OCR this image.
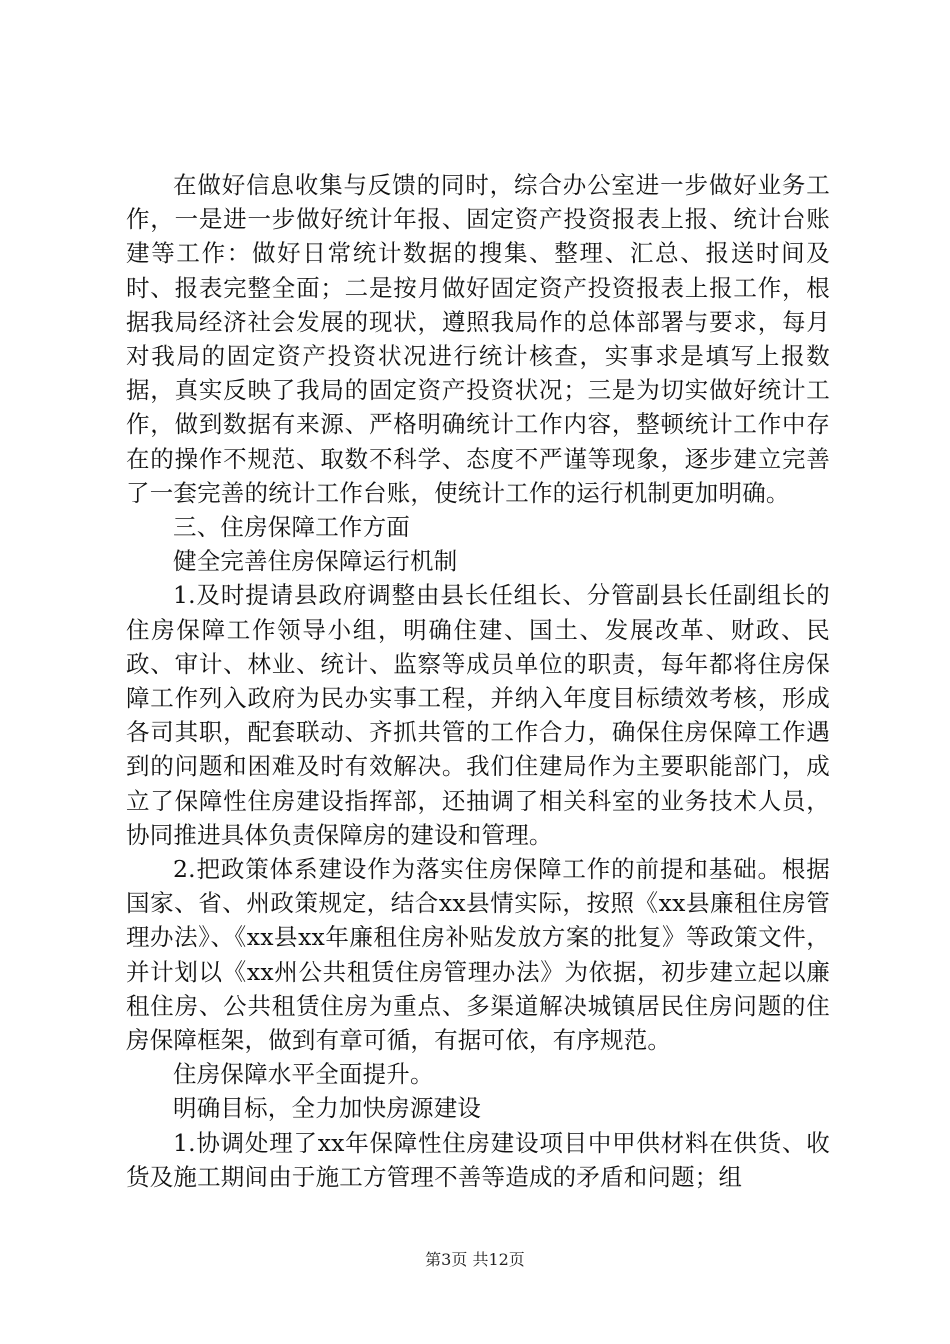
在做好信息收集与反馈的同时，综合办公室进一步做好业务工作，一是进一步做好统计年报、固定资产投资报表上报、统计台账建等工作：做好日常统计数据的搜集、整理、汇总、报送时间及时、报表完整全面；二是按月做好固定资产投资报表上报工作，根据我局经济社会发展的现状，遵照我局作的总体部署与要求，每月对我局的固定资产投资状况进行统计核查，实事求是填写上报数据，真实反映了我局的固定资产投资状况；三是为切实做好统计工作，做到数据有来源、严格明确统计工作内容，整顿统计工作中存在的操作不规范、取数不科学、态度不严谨等现象，逐步建立完善了一套完善的统计工作台账，使统计工作的运行机制更加明确。

三、住房保障工作方面

健全完善住房保障运行机制

1.及时提请县政府调整由县长任组长、分管副县长任副组长的住房保障工作领导小组，明确住建、国土、发展改革、财政、民政、审计、林业、统计、监察等成员单位的职责，每年都将住房保障工作列入政府为民办实事工程，并纳入年度目标绩效考核，形成各司其职，配套联动、齐抓共管的工作合力，确保住房保障工作遇到的问题和困难及时有效解决。我们住建局作为主要职能部门，成立了保障性住房建设指挥部，还抽调了相关科室的业务技术人员，协同推进具体负责保障房的建设和管理。

2.把政策体系建设作为落实住房保障工作的前提和基础。根据国家、省、州政策规定，结合xx县情实际，按照《xx县廉租住房管理办法》、《xx县xx年廉租住房补贴发放方案的批复》等政策文件，并计划以《xx州公共租赁住房管理办法》为依据，初步建立起以廉租住房、公共租赁住房为重点、多渠道解决城镇居民住房问题的住房保障框架，做到有章可循，有据可依，有序规范。

住房保障水平全面提升。

明确目标，全力加快房源建设

1.协调处理了xx年保障性住房建设项目中甲供材料在供货、收货及施工期间由于施工方管理不善等造成的矛盾和问题；组

第3页 共12页
